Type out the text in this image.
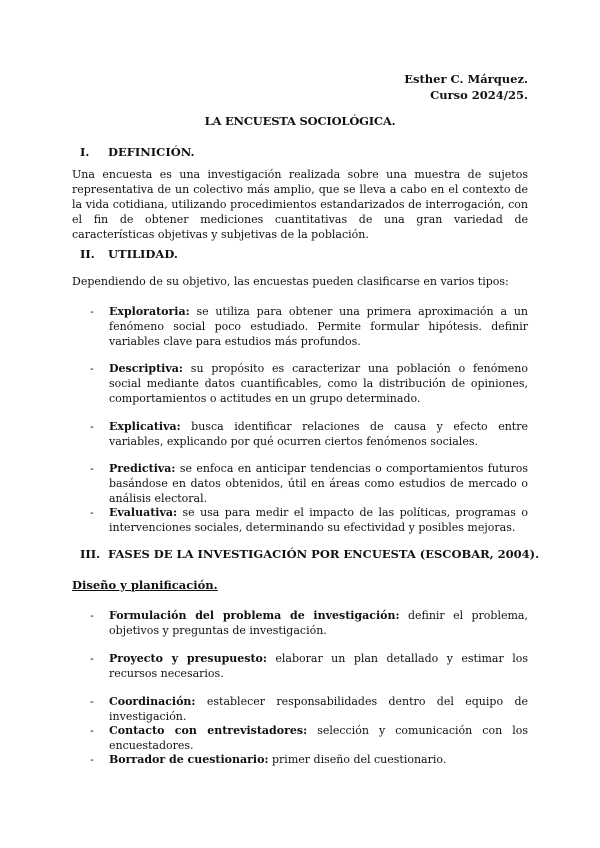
Esther C. Márquez.
Curso 2024/25.
LA ENCUESTA SOCIOLÓGICA.
I. DEFINICIÓN.
Una encuesta es una investigación realizada sobre una muestra de sujetos representativa de un colectivo más amplio, que se lleva a cabo en el contexto de la vida cotidiana, utilizando procedimientos estandarizados de interrogación, con el fin de obtener mediciones cuantitativas de una gran variedad de características objetivas y subjetivas de la población.
II. UTILIDAD.
Dependiendo de su objetivo, las encuestas pueden clasificarse en varios tipos:
- Exploratoria: se utiliza para obtener una primera aproximación a un fenómeno social poco estudiado. Permite formular hipótesis. definir variables clave para estudios más profundos.
- Descriptiva: su propósito es caracterizar una población o fenómeno social mediante datos cuantificables, como la distribución de opiniones, comportamientos o actitudes en un grupo determinado.
- Explicativa: busca identificar relaciones de causa y efecto entre variables, explicando por qué ocurren ciertos fenómenos sociales.
- Predictiva: se enfoca en anticipar tendencias o comportamientos futuros basándose en datos obtenidos, útil en áreas como estudios de mercado o análisis electoral.
- Evaluativa: se usa para medir el impacto de las políticas, programas o intervenciones sociales, determinando su efectividad y posibles mejoras.
III. FASES DE LA INVESTIGACIÓN POR ENCUESTA (ESCOBAR, 2004).
Diseño y planificación.
- Formulación del problema de investigación: definir el problema, objetivos y preguntas de investigación.
- Proyecto y presupuesto: elaborar un plan detallado y estimar los recursos necesarios.
- Coordinación: establecer responsabilidades dentro del equipo de investigación.
- Contacto con entrevistadores: selección y comunicación con los encuestadores.
- Borrador de cuestionario: primer diseño del cuestionario.
